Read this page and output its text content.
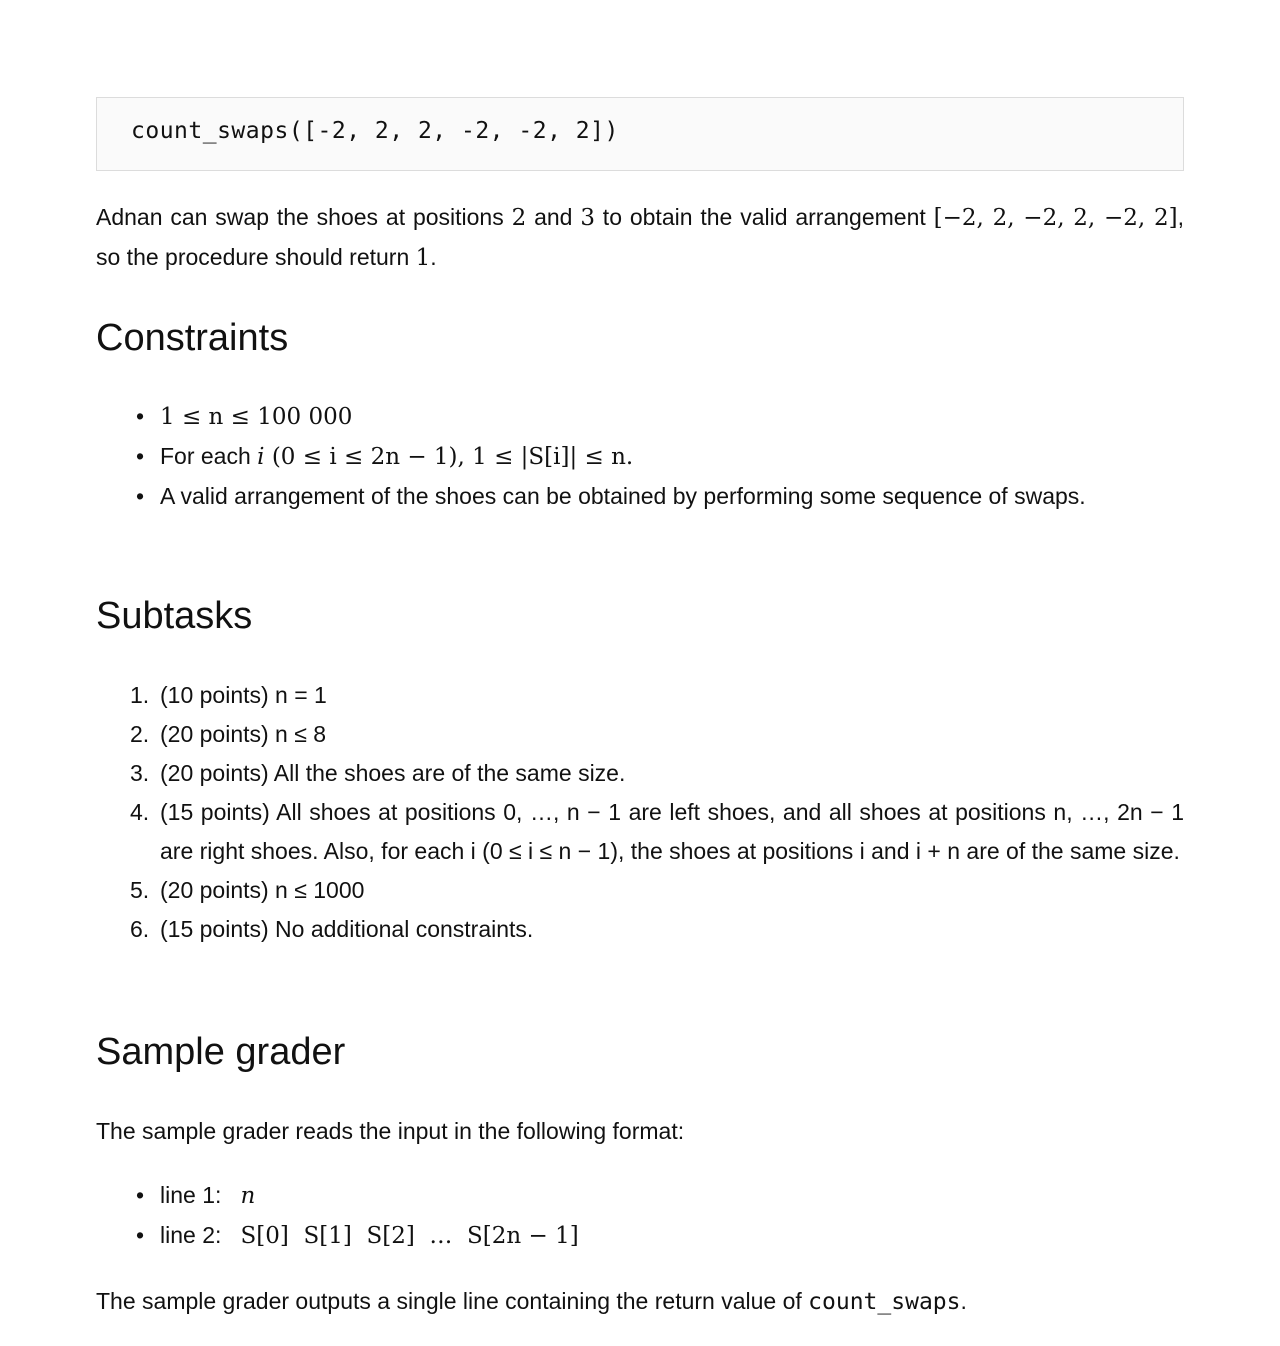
count_swaps([-2, 2, 2, -2, -2, 2])
Adnan can swap the shoes at positions 2 and 3 to obtain the valid arrangement [−2, 2, −2, 2, −2, 2], so the procedure should return 1.
Constraints
• 1 ≤ n ≤ 100 000
• For each i (0 ≤ i ≤ 2n − 1), 1 ≤ |S[i]| ≤ n.
• A valid arrangement of the shoes can be obtained by performing some sequence of swaps.
Subtasks
1. (10 points) n = 1
2. (20 points) n ≤ 8
3. (20 points) All the shoes are of the same size.
4. (15 points) All shoes at positions 0, …, n − 1 are left shoes, and all shoes at positions n, …, 2n − 1 are right shoes. Also, for each i (0 ≤ i ≤ n − 1), the shoes at positions i and i + n are of the same size.
5. (20 points) n ≤ 1000
6. (15 points) No additional constraints.
Sample grader
The sample grader reads the input in the following format:
• line 1: n
• line 2: S[0]  S[1]  S[2]  …  S[2n − 1]
The sample grader outputs a single line containing the return value of count_swaps.
